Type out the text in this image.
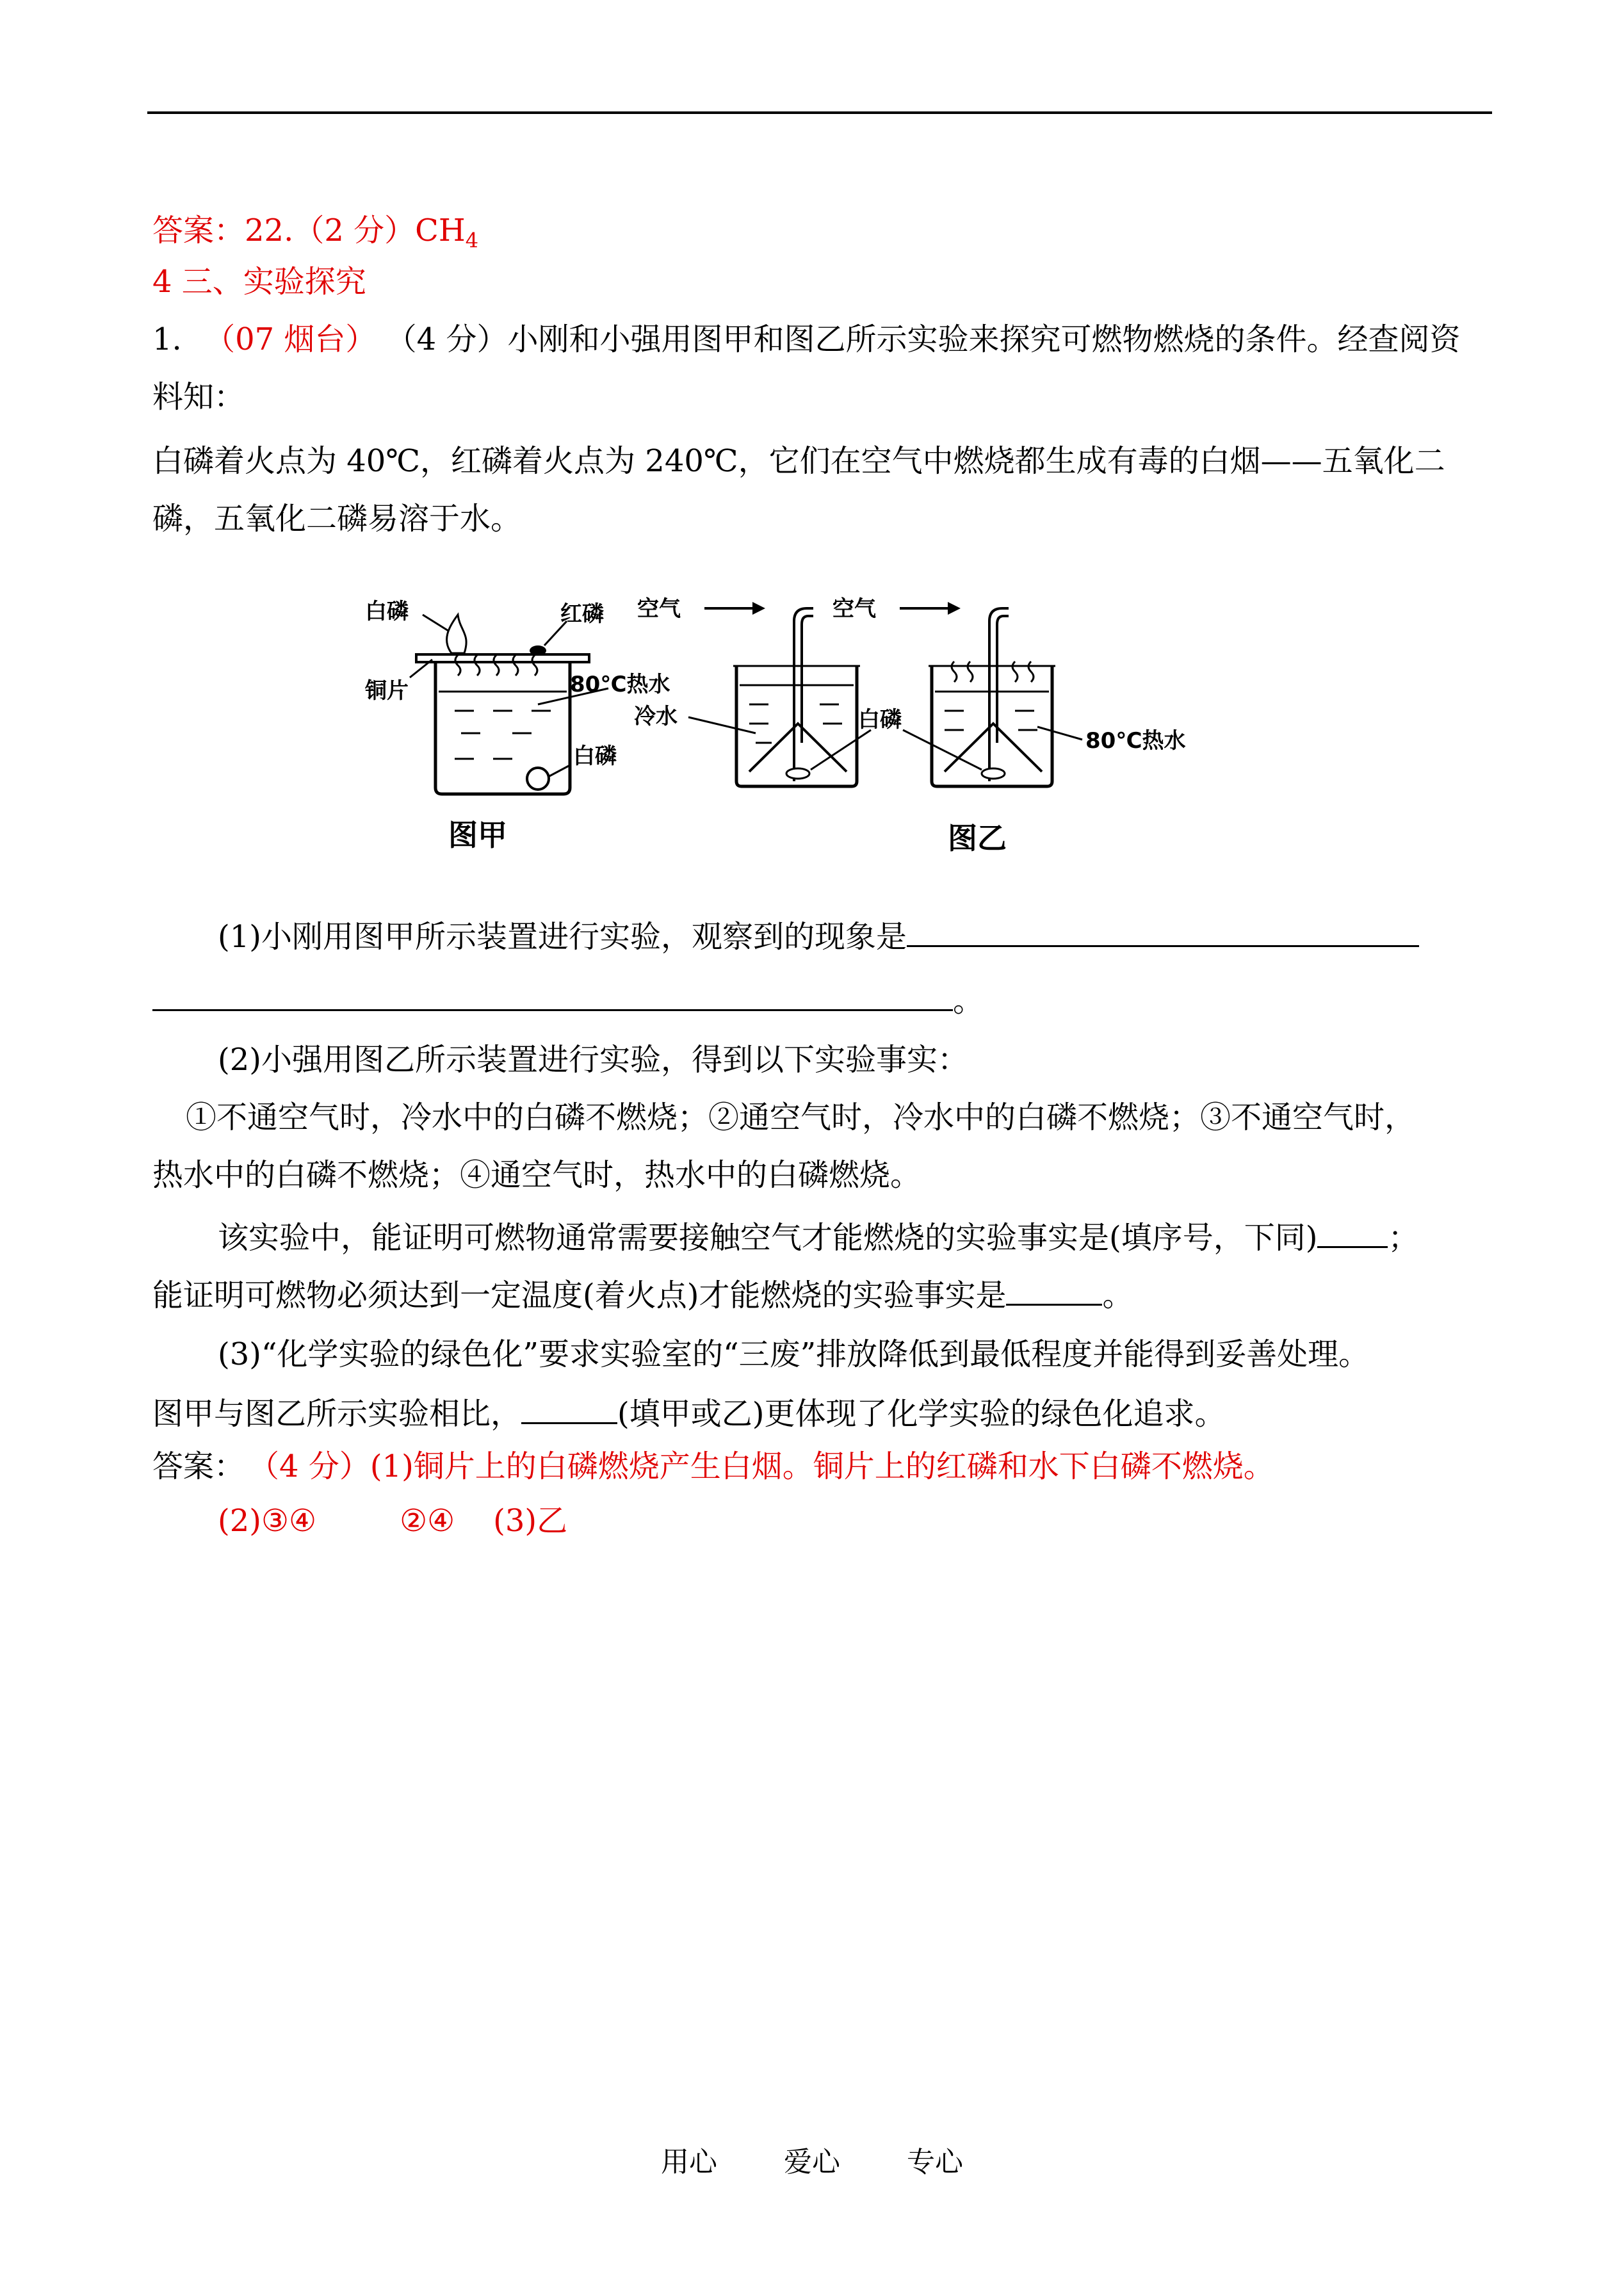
答案：22.（2 分）$CH_4$
4 三、实验探究
1. （07 烟台） （4 分）小刚和小强用图甲和图乙所示实验来探究可燃物燃烧的条件。经查阅资
料知：
白磷着火点为 40℃，红磷着火点为 240℃，它们在空气中燃烧都生成有毒的白烟——五氧化二
磷，五氧化二磷易溶于水。
白磷	红磷
铜片	80℃热水
白磷
图甲
空气
冷水
空气
白磷
80℃热水
图乙
(1)小刚用图甲所示装置进行实验，观察到的现象是
。
(2)小强用图乙所示装置进行实验，得到以下实验事实：
①不通空气时，冷水中的白磷不燃烧；②通空气时，冷水中的白磷不燃烧；③不通空气时，
热水中的白磷不燃烧；④通空气时，热水中的白磷燃烧。
该实验中，能证明可燃物通常需要接触空气才能燃烧的实验事实是(填序号，下同) ；
能证明可燃物必须达到一定温度(着火点)才能燃烧的实验事实是	。
(3)“化学实验的绿色化”要求实验室的“三废”排放降低到最低程度并能得到妥善处理。
图甲与图乙所示实验相比，	(填甲或乙)更体现了化学实验的绿色化追求。
答案： （4 分）(1)铜片上的白磷燃烧产生白烟。铜片上的红磷和水下白磷不燃烧。
(2)③④	②④ (3)乙
用心 爱心 专心
